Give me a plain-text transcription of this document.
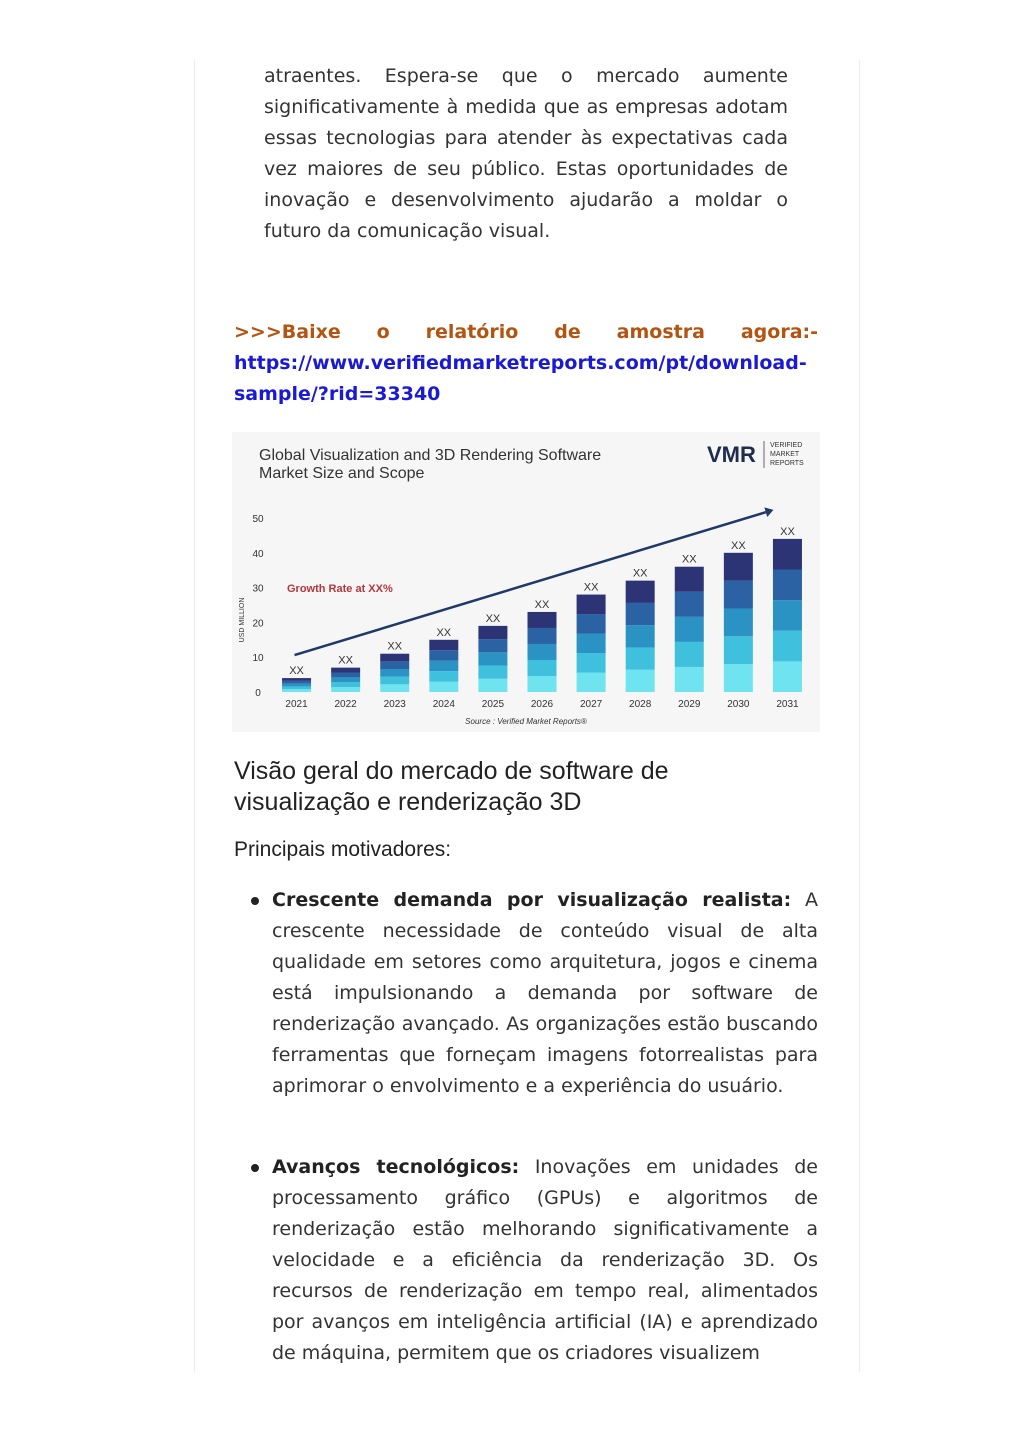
atraentes. Espera-se que o mercado aumente significativamente à medida que as empresas adotam essas tecnologias para atender às expectativas cada vez maiores de seu público. Estas oportunidades de inovação e desenvolvimento ajudarão a moldar o futuro da comunicação visual.

>>>Baixe o relatório de amostra agora:-
https://www.verifiedmarketreports.com/pt/download-sample/?rid=33340

Global Visualization and 3D Rendering Software
Market Size and Scope
VMR VERIFIED
MARKET
REPORTS
USD MILLION
0
10
20
30
40
50
XX
XX
XX
XX
XX
XX
XX
XX
XX
XX
XX
2021	2022	2023	2024	2025	2026	2027	2028	2029	2030	2031
Growth Rate at XX%
Source : Verified Market Reports®
Visão geral do mercado de software de visualização e renderização 3D
Principais motivadores:
Crescente demanda por visualização realista: A crescente necessidade de conteúdo visual de alta qualidade em setores como arquitetura, jogos e cinema está impulsionando a demanda por software de renderização avançado. As organizações estão buscando ferramentas que forneçam imagens fotorrealistas para aprimorar o envolvimento e a experiência do usuário.
Avanços tecnológicos: Inovações em unidades de processamento gráfico (GPUs) e algoritmos de renderização estão melhorando significativamente a velocidade e a eficiência da renderização 3D. Os recursos de renderização em tempo real, alimentados por avanços em inteligência artificial (IA) e aprendizado de máquina, permitem que os criadores visualizem
